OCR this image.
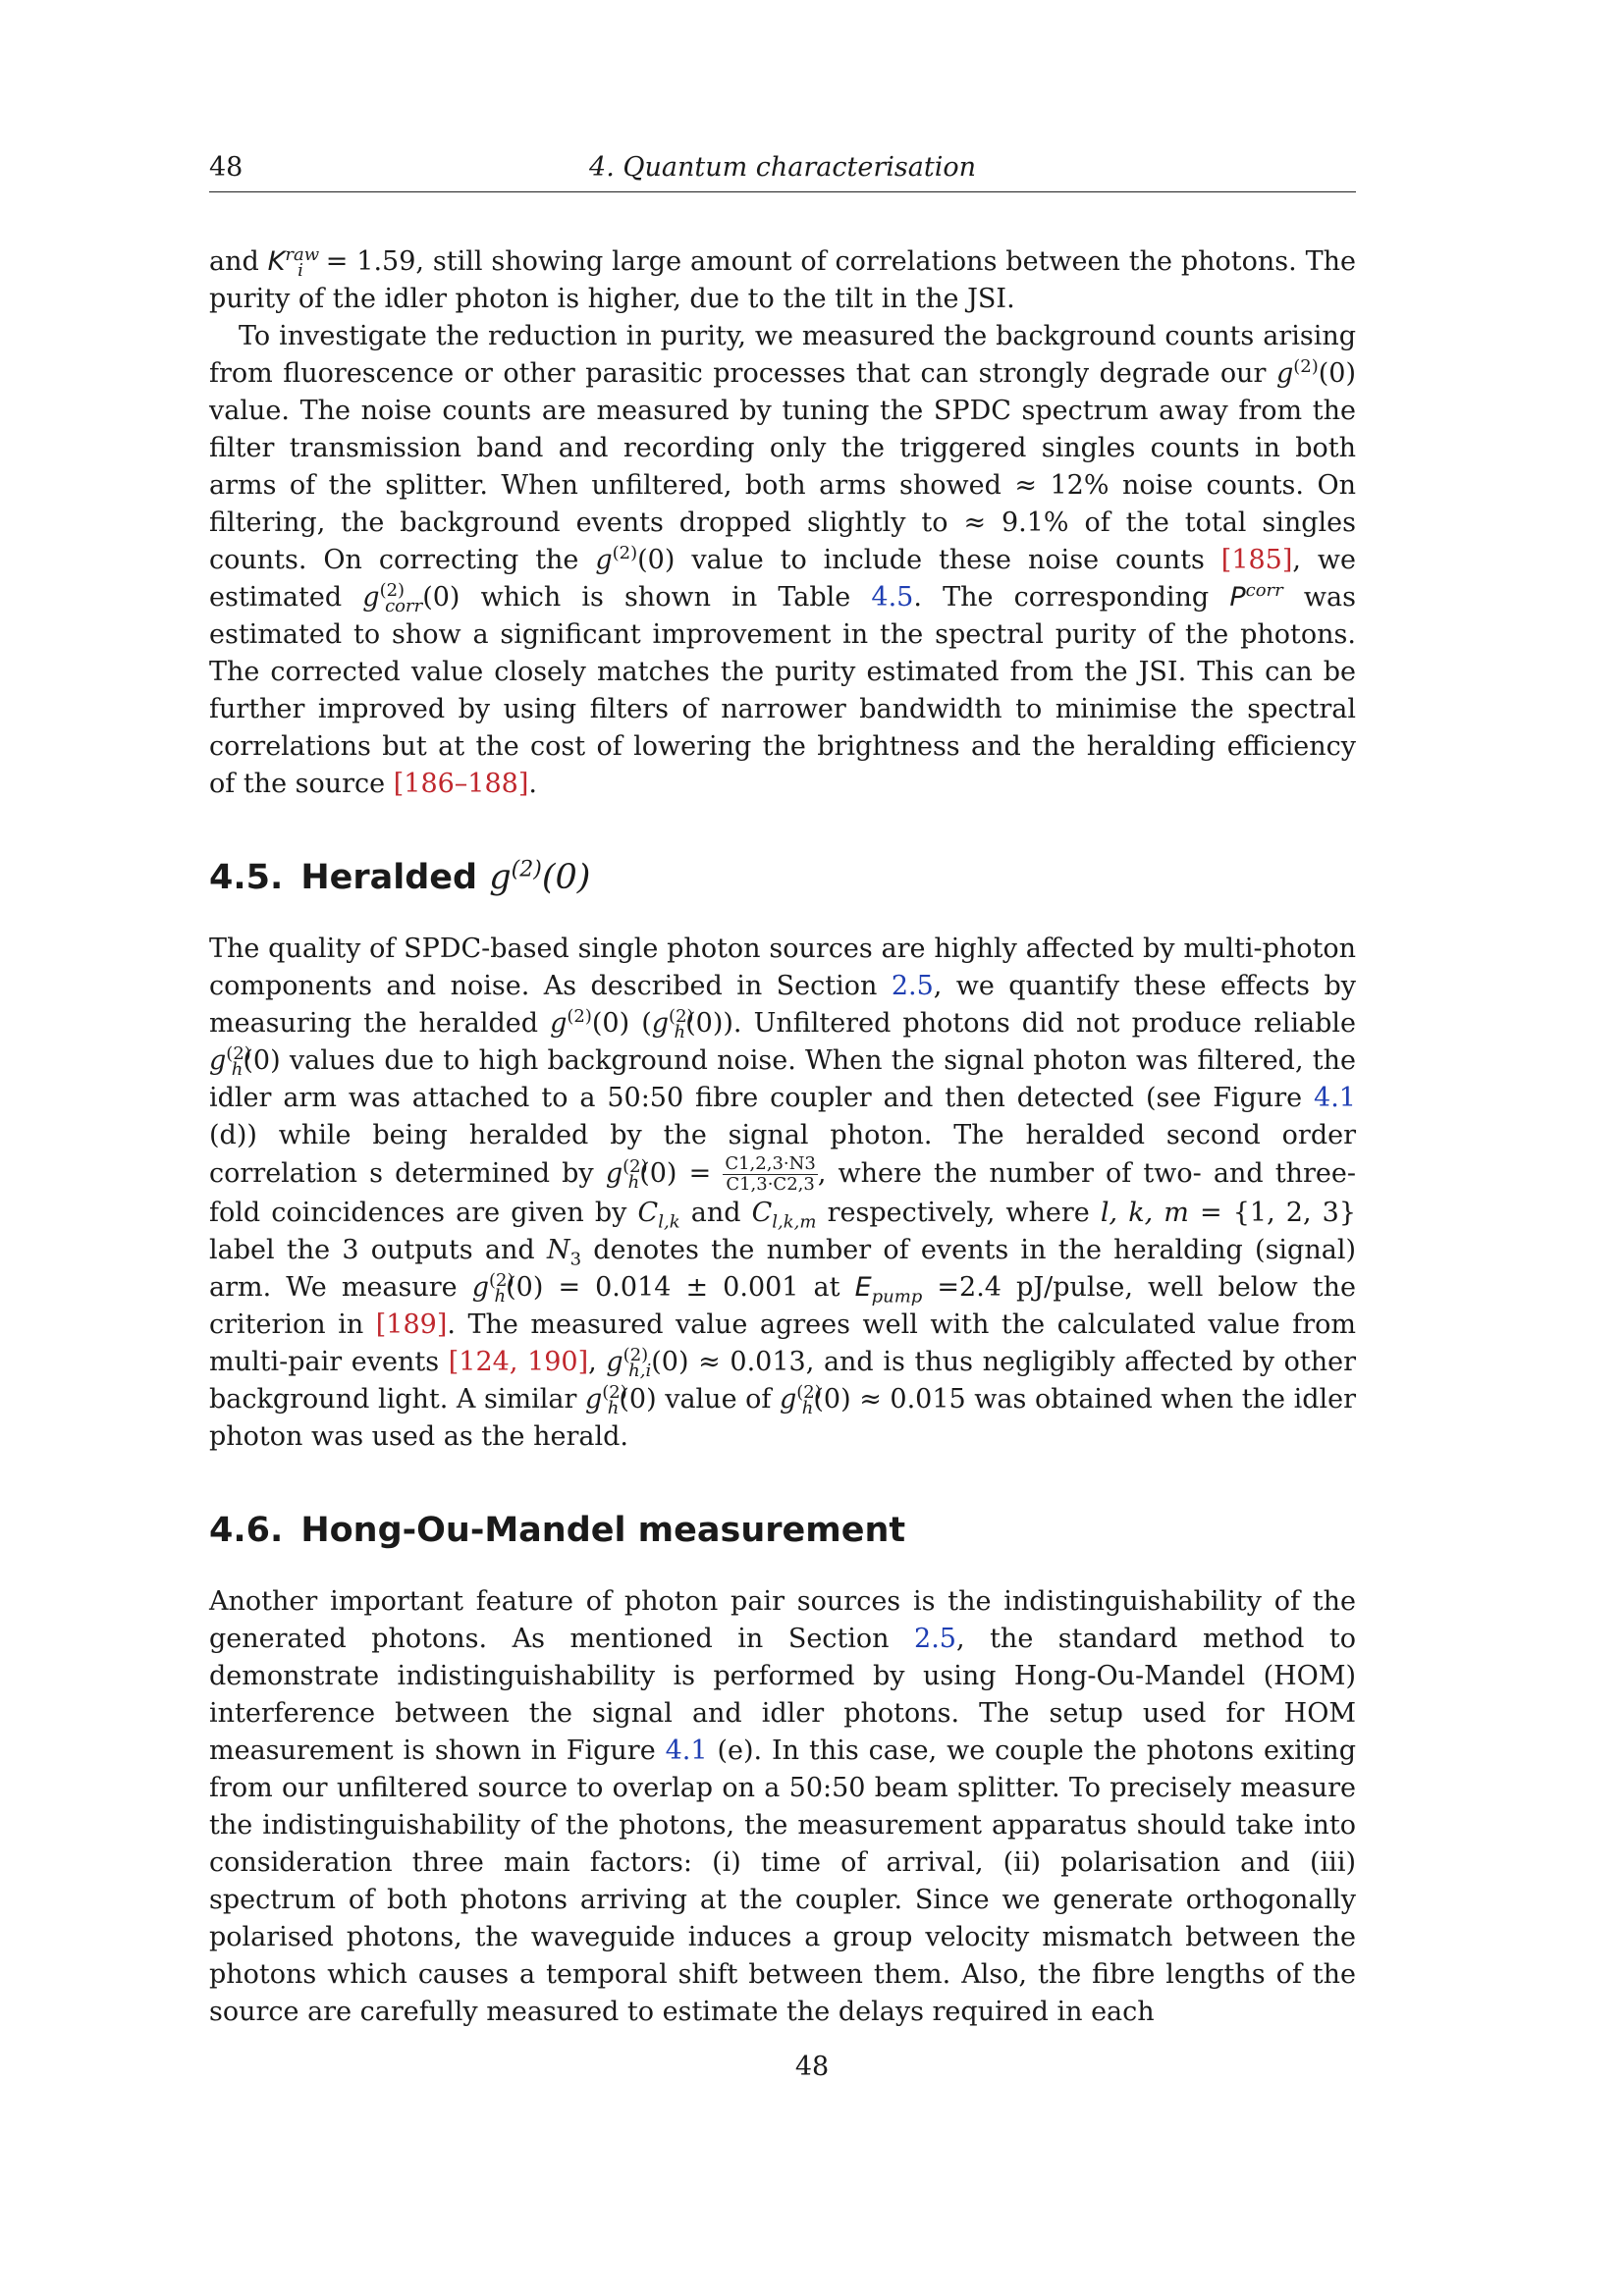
48	4. Quantum characterisation

and $K^{raw}_i = 1.59$, still showing large amount of correlations between the photons. The purity of the idler photon is higher, due to the tilt in the JSI.

To investigate the reduction in purity, we measured the background counts arising from fluorescence or other parasitic processes that can strongly degrade our $g^{(2)}(0)$ value. The noise counts are measured by tuning the SPDC spectrum away from the filter transmission band and recording only the triggered singles counts in both arms of the splitter. When unfiltered, both arms showed ≈ 12% noise counts. On filtering, the background events dropped slightly to ≈ 9.1% of the total singles counts. On correcting the $g^{(2)}(0)$ value to include these noise counts [185], we estimated $g^{(2)}_{corr}(0)$ which is shown in Table 4.5. The corresponding $P^{corr}$ was estimated to show a significant improvement in the spectral purity of the photons. The corrected value closely matches the purity estimated from the JSI. This can be further improved by using filters of narrower bandwidth to minimise the spectral correlations but at the cost of lowering the brightness and the heralding efficiency of the source [186–188].

4.5. Heralded $g^{(2)}(0)$

The quality of SPDC-based single photon sources are highly affected by multi-photon components and noise. As described in Section 2.5, we quantify these effects by measuring the heralded $g^{(2)}(0)$ $(g^{(2)}_h(0))$. Unfiltered photons did not produce reliable $g^{(2)}_h(0)$ values due to high background noise. When the signal photon was filtered, the idler arm was attached to a 50:50 fibre coupler and then detected (see Figure 4.1 (d)) while being heralded by the signal photon. The heralded second order correlation s determined by $g^{(2)}_h(0) = \frac{C1,2,3\cdot N3}{C1,3\cdot C2,3}$ , where the number of two- and three-fold coincidences are given by $C_{l,k}$ and $C_{l,k,m}$ respectively, where l, k, m = {1, 2, 3} label the 3 outputs and $N_3$ denotes the number of events in the heralding (signal) arm. We measure $g^{(2)}_h(0) = 0.014 \pm 0.001$ at $E_{pump} =2.4$ pJ/pulse, well below the criterion in [189]. The measured value agrees well with the calculated value from multi-pair events [124, 190], $g^{(2)}_{h,i}(0) \approx 0.013$, and is thus negligibly affected by other background light. A similar $g^{(2)}_h(0)$ value of $g^{(2)}_h(0) \approx 0.015$ was obtained when the idler photon was used as the herald.

4.6. Hong-Ou-Mandel measurement

Another important feature of photon pair sources is the indistinguishability of the generated photons. As mentioned in Section 2.5, the standard method to demonstrate indistinguishability is performed by using Hong-Ou-Mandel (HOM) interference between the signal and idler photons. The setup used for HOM measurement is shown in Figure 4.1 (e). In this case, we couple the photons exiting from our unfiltered source to overlap on a 50:50 beam splitter. To precisely measure the indistinguishability of the photons, the measurement apparatus should take into consideration three main factors: (i) time of arrival, (ii) polarisation and (iii) spectrum of both photons arriving at the coupler. Since we generate orthogonally polarised photons, the waveguide induces a group velocity mismatch between the photons which causes a temporal shift between them. Also, the fibre lengths of the source are carefully measured to estimate the delays required in each

48
